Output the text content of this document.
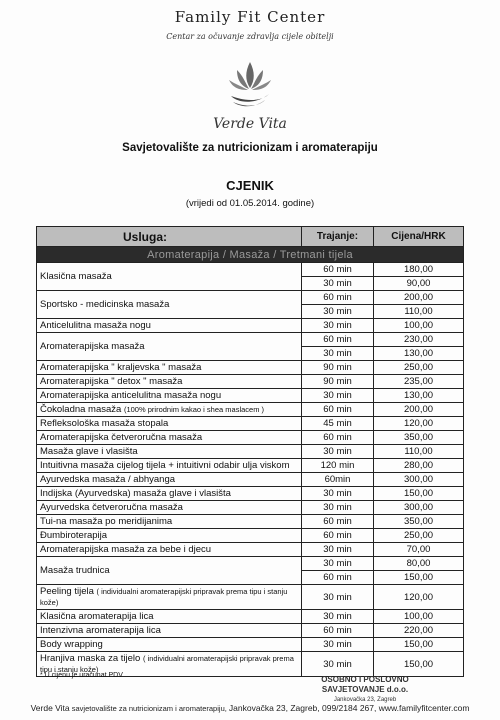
Family Fit Center
Centar za očuvanje zdravlja cijele obitelji
Verde Vita
Savjetovalište za nutricionizam i aromaterapiju
CJENIK
(vrijedi od 01.05.2014. godine)
Usluga:	Trajanje:	Cijena/HRK
Aromaterapija / Masaža / Tretmani tijela		
Klasična masaža	60 min	180,00
	30 min	90,00
Sportsko - medicinska masaža	60 min	200,00
	30 min	110,00
Anticelulitna masaža nogu	30 min	100,00
Aromaterapijska masaža	60 min	230,00
	30 min	130,00
Aromaterapijska " kraljevska " masaža	90 min	250,00
Aromaterapijska " detox " masaža	90 min	235,00
Aromaterapijska anticelulitna masaža nogu	30 min	130,00
Čokoladna masaža (100% prirodnim kakao i shea maslacem )	60 min	200,00
Refleksološka masaža stopala	45 min	120,00
Aromaterapijska četveroručna masaža	60 min	350,00
Masaža glave i vlasišta	30 min	110,00
Intuitivna masaža cijelog tijela + intuitivni odabir ulja viskom	120 min	280,00
Ayurvedska masaža / abhyanga	60min	300,00
Indijska (Ayurvedska) masaža glave i vlasišta	30 min	150,00
Ayurvedska četveroručna masaža	30 min	300,00
Tui-na masaža po meridijanima	60 min	350,00
Đumbiroterapija	60 min	250,00
Aromaterapijska masaža za bebe i djecu	30 min	70,00
Masaža trudnica	30 min	80,00
	60 min	150,00
Peeling tijela ( individualni aromaterapijski pripravak prema tipu i stanju kože)	30 min	120,00
Klasična aromaterapija lica	30 min	100,00
Intenzivna aromaterapija lica	60 min	220,00
Body wrapping	30 min	150,00
Hranjiva maska za tijelo ( individualni aromaterapijski pripravak prema tipu i stanju kože)	30 min	150,00
* U cijenu je uračunat PDV	OSOBNO I POSLOVNO
SAVJETOVANJE d.o.o.
Jankovačka 23, Zagreb
Verde Vita savjetovalište za nutricionizam i aromaterapiju, Jankovačka 23, Zagreb, 099/2184 267, www.familyfitcenter.com
